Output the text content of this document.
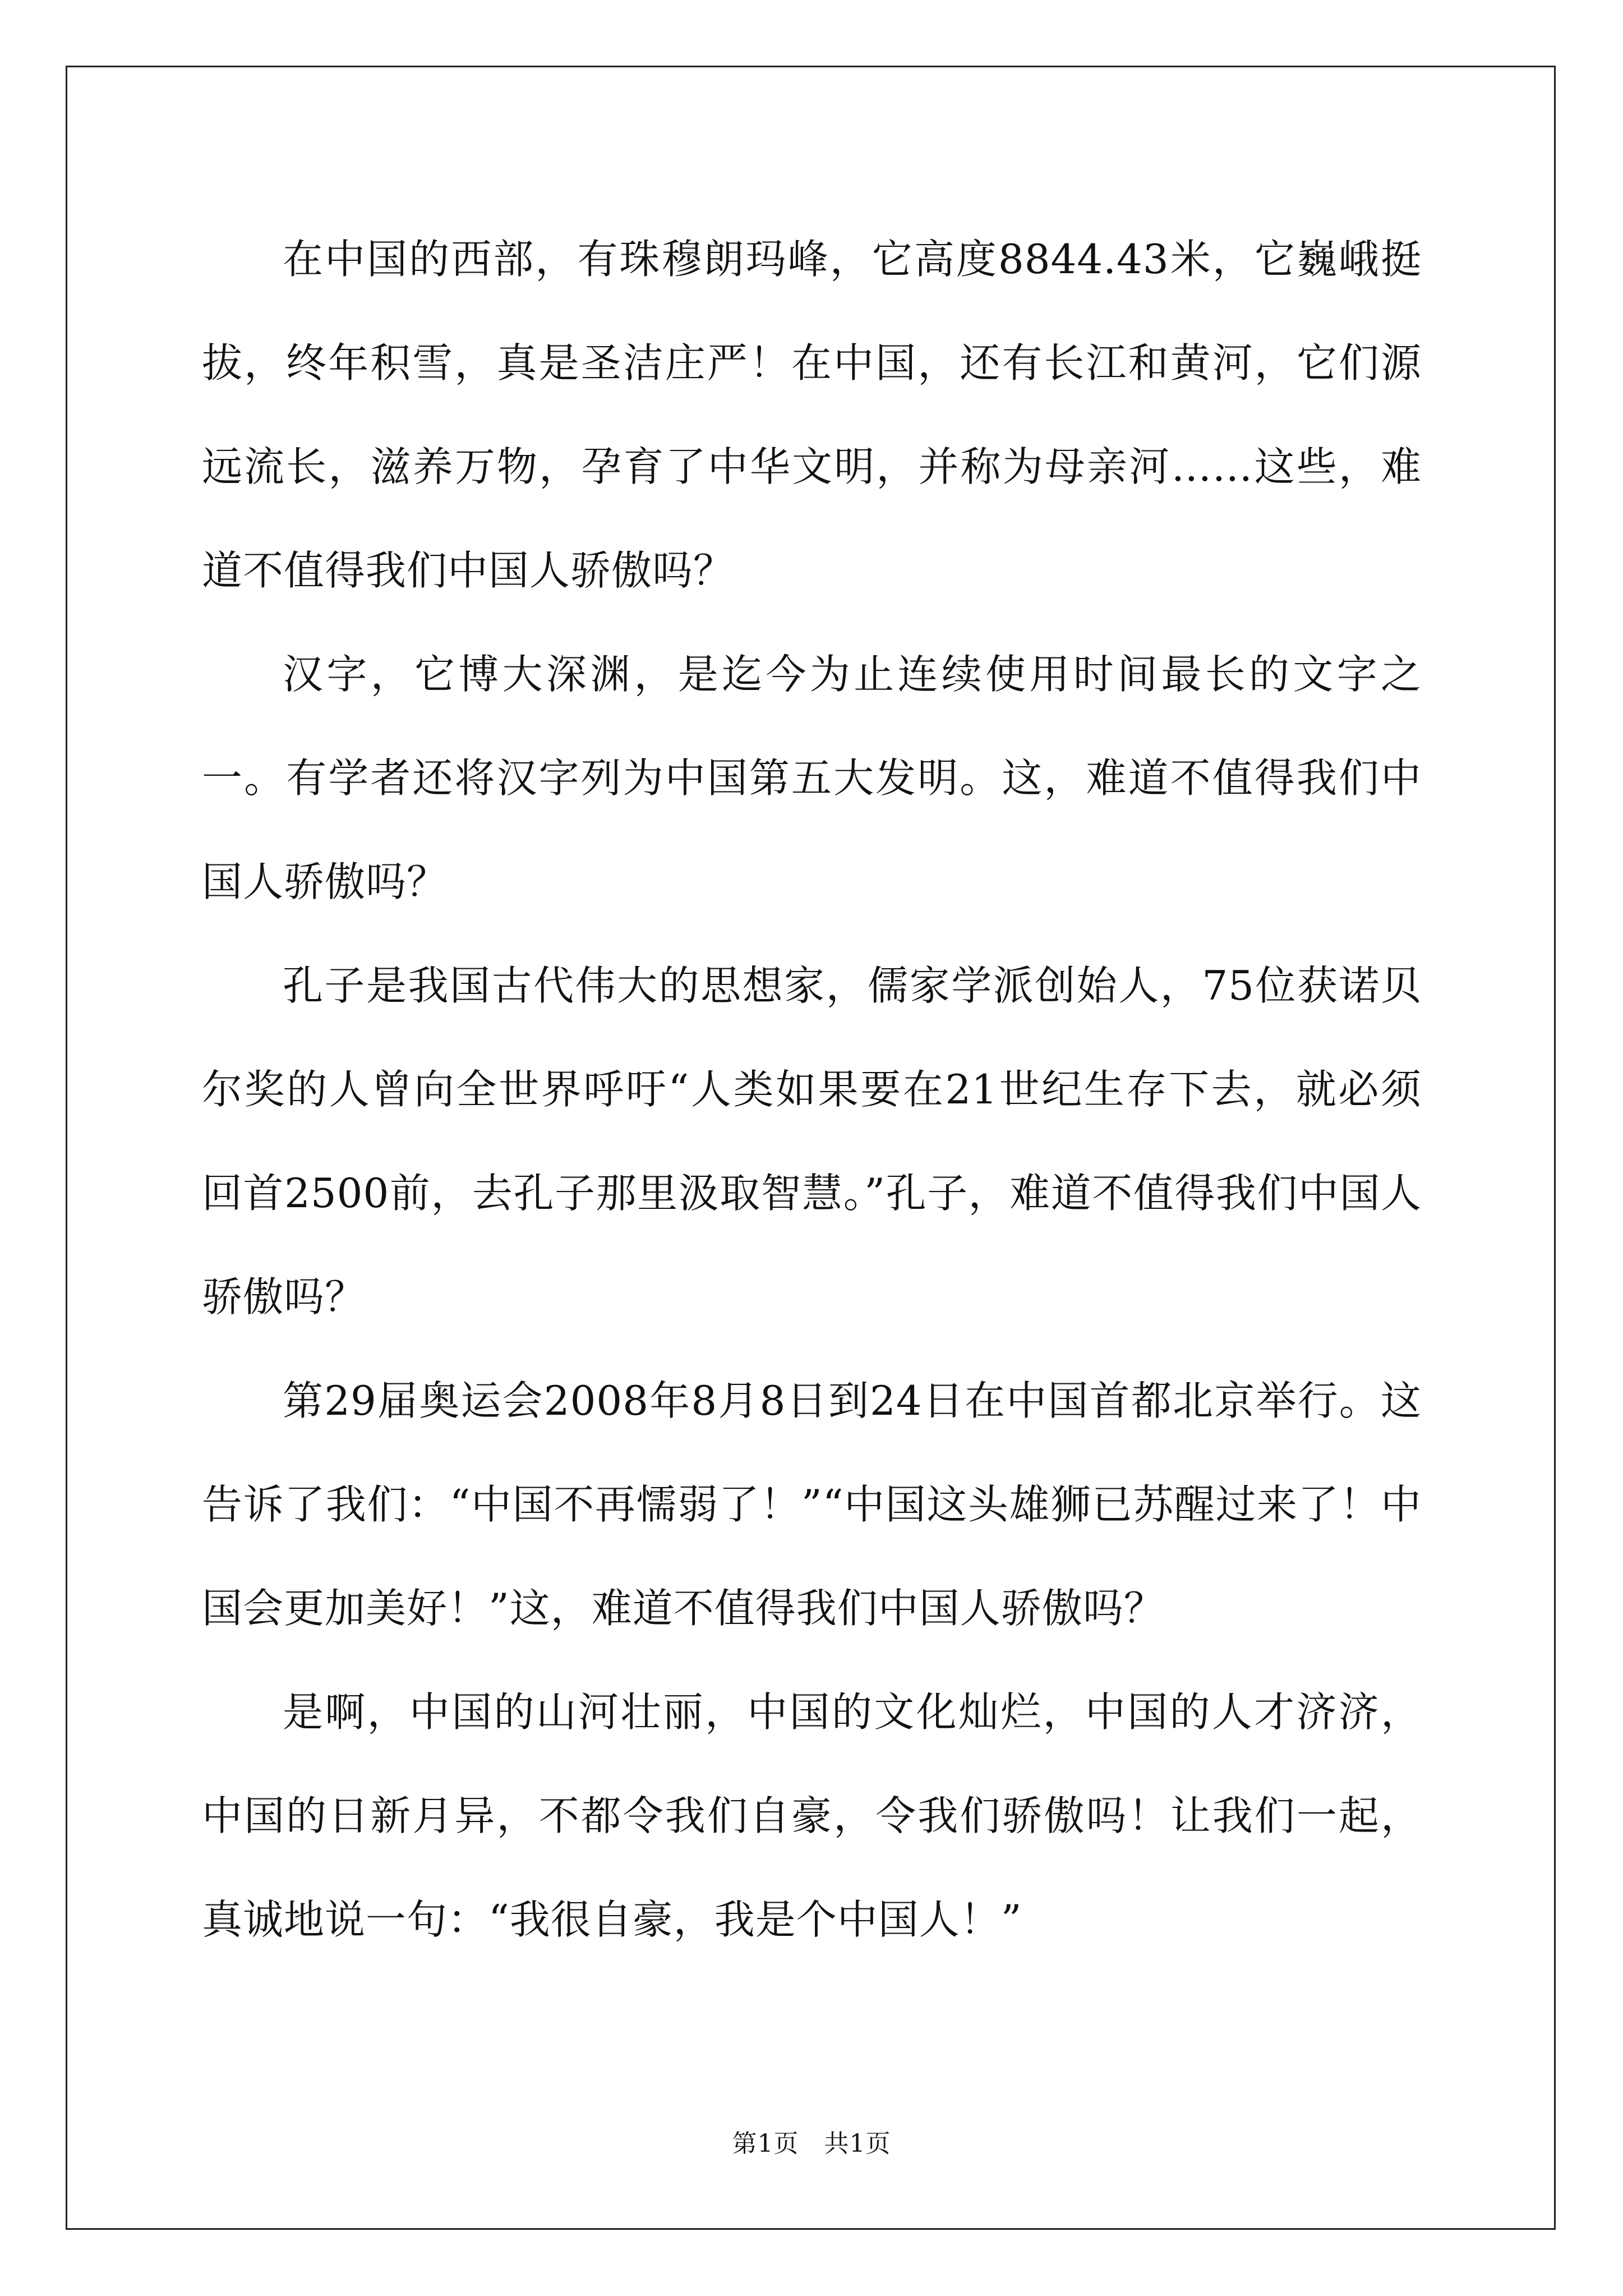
在中国的西部，有珠穆朗玛峰，它高度8844.43米，它巍峨挺拔，终年积雪，真是圣洁庄严！在中国，还有长江和黄河，它们源远流长，滋养万物，孕育了中华文明，并称为母亲河……这些，难道不值得我们中国人骄傲吗？

汉字，它博大深渊，是迄今为止连续使用时间最长的文字之一。有学者还将汉字列为中国第五大发明。这，难道不值得我们中国人骄傲吗？

孔子是我国古代伟大的思想家，儒家学派创始人，75位获诺贝尔奖的人曾向全世界呼吁“人类如果要在21世纪生存下去，就必须回首2500前，去孔子那里汲取智慧。”孔子，难道不值得我们中国人骄傲吗？

第29届奥运会2008年8月8日到24日在中国首都北京举行。这告诉了我们：“中国不再懦弱了！”“中国这头雄狮已苏醒过来了！中国会更加美好！”这，难道不值得我们中国人骄傲吗？

是啊，中国的山河壮丽，中国的文化灿烂，中国的人才济济，中国的日新月异，不都令我们自豪，令我们骄傲吗！让我们一起，真诚地说一句：“我很自豪，我是个中国人！”

第1页 共1页
